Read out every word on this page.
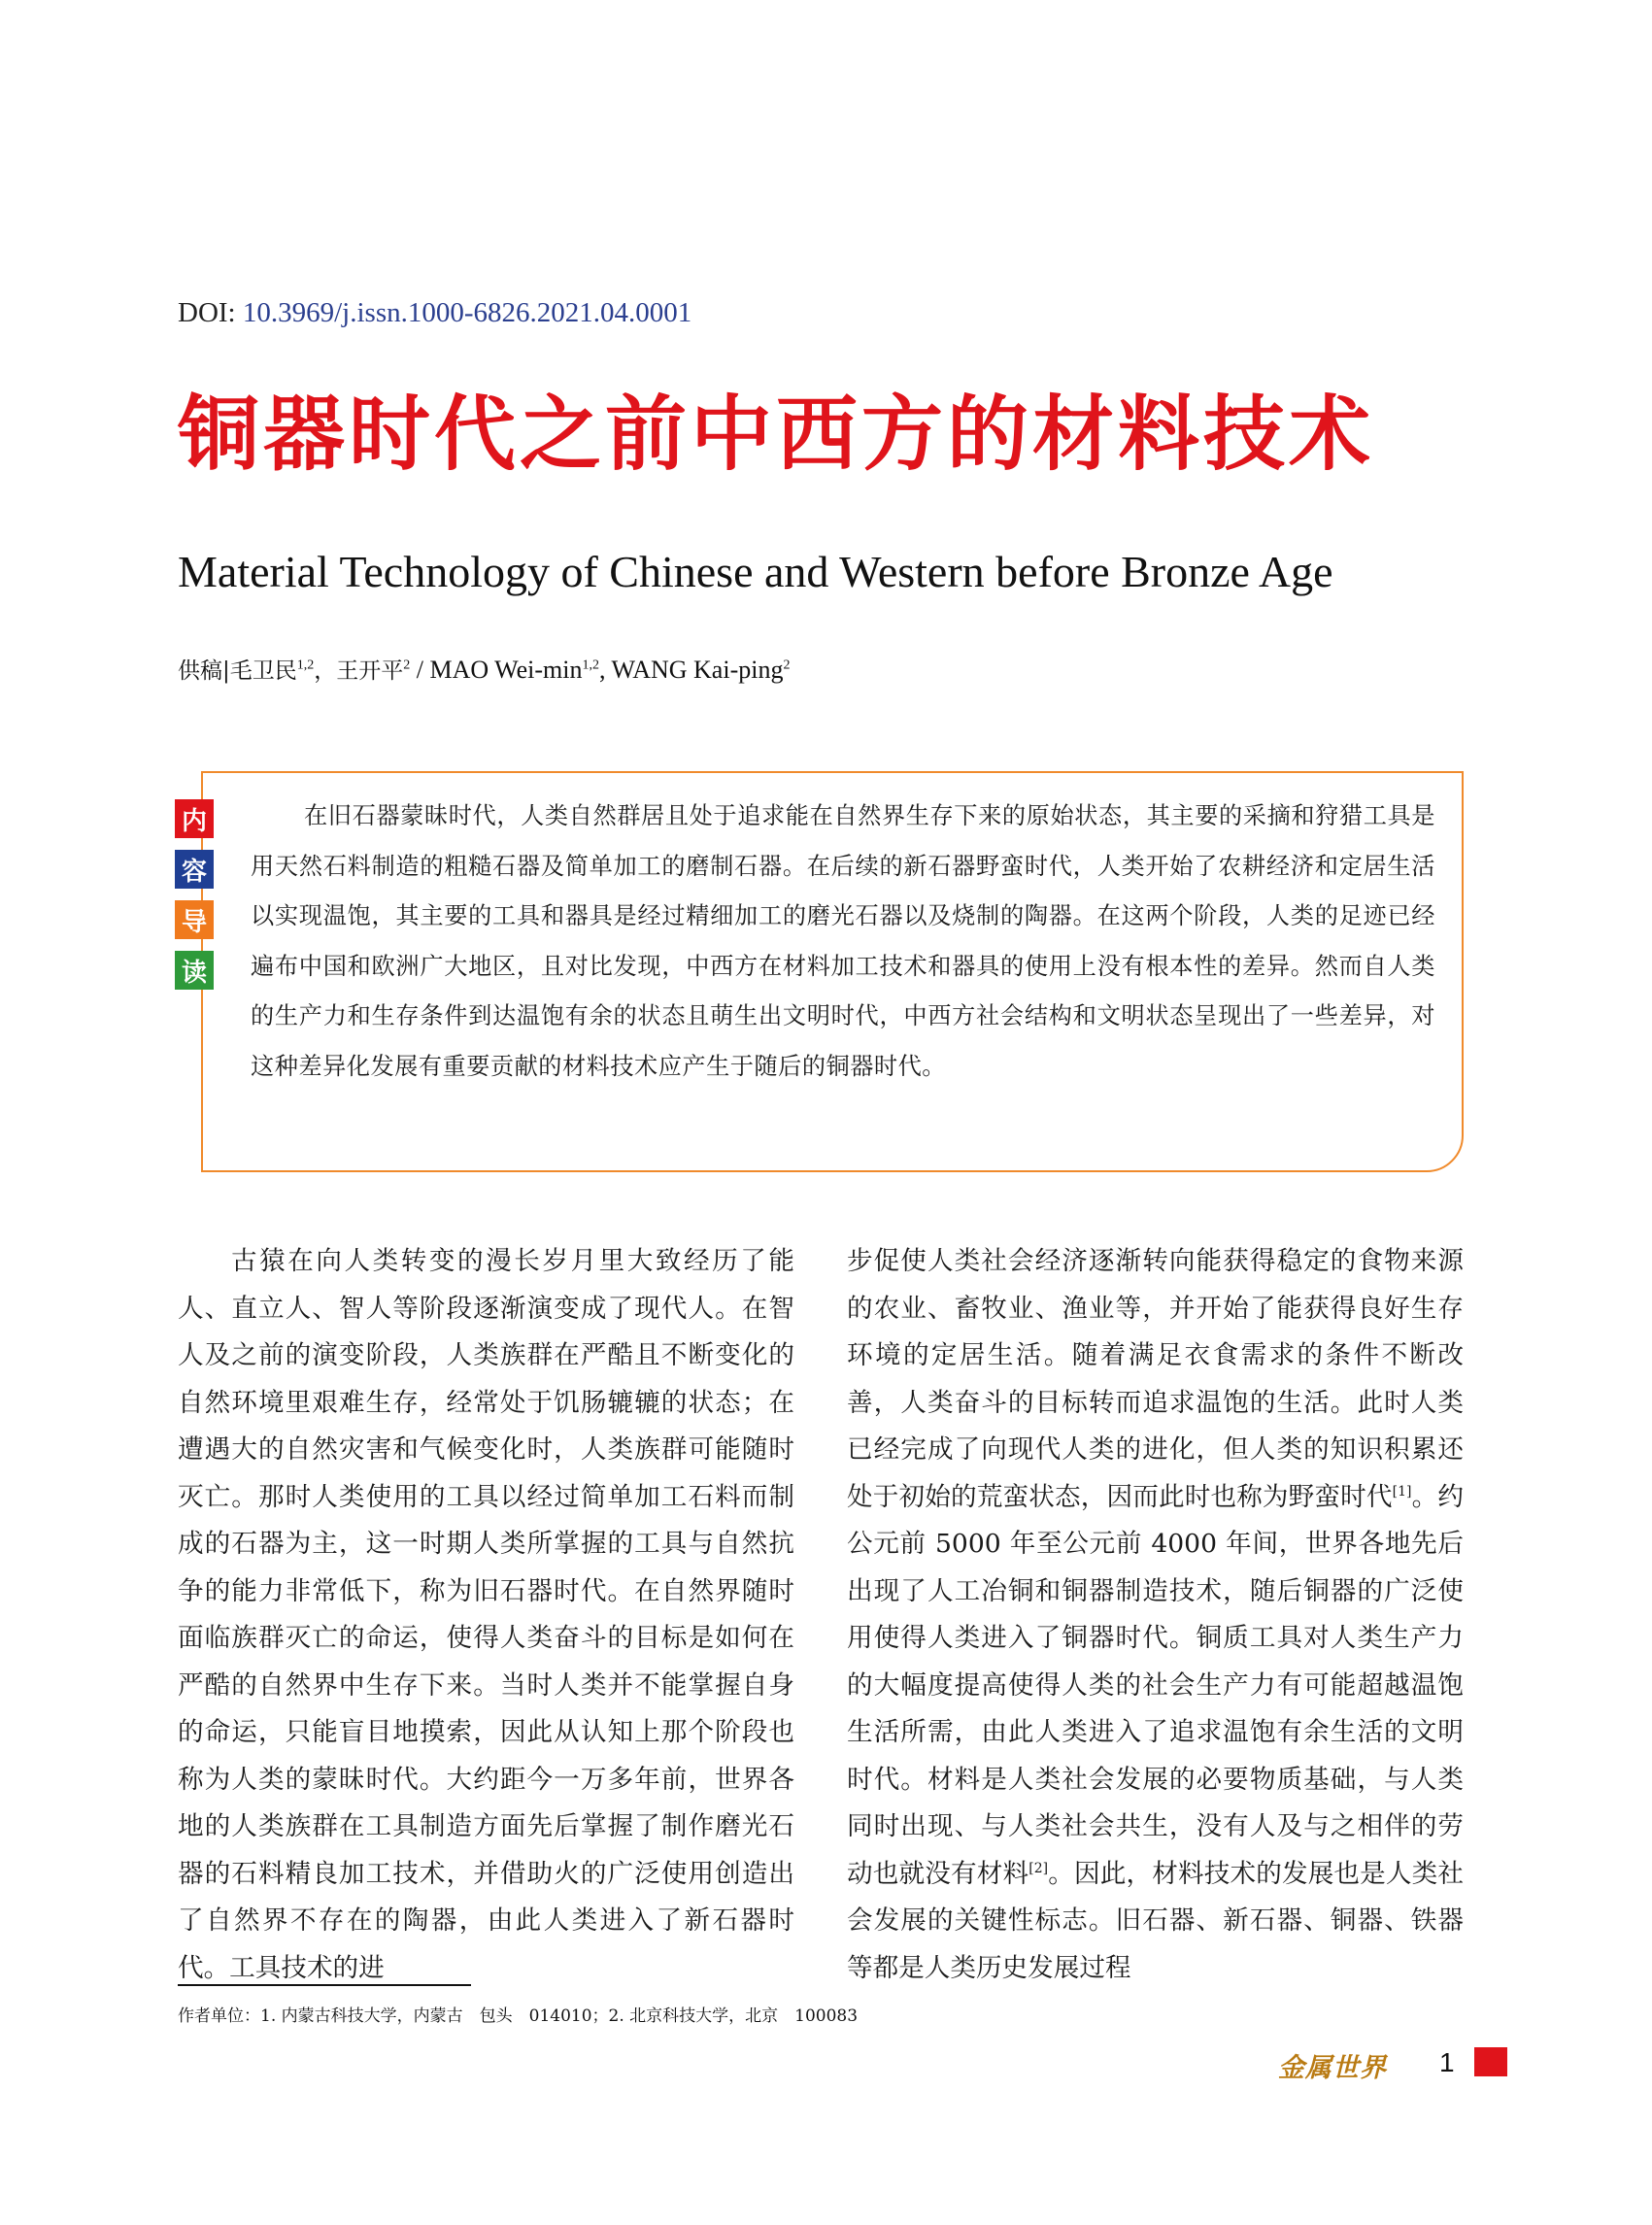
DOI: 10.3969/j.issn.1000-6826.2021.04.0001
铜器时代之前中西方的材料技术
Material Technology of Chinese and Western before Bronze Age
供稿|毛卫民$^{1,2}$，王开平$^2$ / MAO Wei-$\min^{1,2}$, WANG Kai-ping$^2$
内
容
导
读
在旧石器蒙昧时代，人类自然群居且处于追求能在自然界生存下来的原始状态，其主要的采摘和狩猎工具是用天然石料制造的粗糙石器及简单加工的磨制石器。在后续的新石器野蛮时代，人类开始了农耕经济和定居生活以实现温饱，其主要的工具和器具是经过精细加工的磨光石器以及烧制的陶器。在这两个阶段，人类的足迹已经遍布中国和欧洲广大地区，且对比发现，中西方在材料加工技术和器具的使用上没有根本性的差异。然而自人类的生产力和生存条件到达温饱有余的状态且萌生出文明时代，中西方社会结构和文明状态呈现出了一些差异，对这种差异化发展有重要贡献的材料技术应产生于随后的铜器时代。
古猿在向人类转变的漫长岁月里大致经历了能人、直立人、智人等阶段逐渐演变成了现代人。在智人及之前的演变阶段，人类族群在严酷且不断变化的自然环境里艰难生存，经常处于饥肠辘辘的状态；在遭遇大的自然灾害和气候变化时，人类族群可能随时灭亡。那时人类使用的工具以经过简单加工石料而制成的石器为主，这一时期人类所掌握的工具与自然抗争的能力非常低下，称为旧石器时代。在自然界随时面临族群灭亡的命运，使得人类奋斗的目标是如何在严酷的自然界中生存下来。当时人类并不能掌握自身的命运，只能盲目地摸索，因此从认知上那个阶段也称为人类的蒙昧时代。大约距今一万多年前，世界各地的人类族群在工具制造方面先后掌握了制作磨光石器的石料精良加工技术，并借助火的广泛使用创造出了自然界不存在的陶器，由此人类进入了新石器时代。工具技术的进
步促使人类社会经济逐渐转向能获得稳定的食物来源的农业、畜牧业、渔业等，并开始了能获得良好生存环境的定居生活。随着满足衣食需求的条件不断改善，人类奋斗的目标转而追求温饱的生活。此时人类已经完成了向现代人类的进化，但人类的知识积累还处于初始的荒蛮状态，因而此时也称为野蛮时代[1]。约公元前 5000 年至公元前 4000 年间，世界各地先后出现了人工冶铜和铜器制造技术，随后铜器的广泛使用使得人类进入了铜器时代。铜质工具对人类生产力的大幅度提高使得人类的社会生产力有可能超越温饱生活所需，由此人类进入了追求温饱有余生活的文明时代。材料是人类社会发展的必要物质基础，与人类同时出现、与人类社会共生，没有人及与之相伴的劳动也就没有材料[2]。因此，材料技术的发展也是人类社会发展的关键性标志。旧石器、新石器、铜器、铁器等都是人类历史发展过程
作者单位：1. 内蒙古科技大学，内蒙古　包头　014010；2. 北京科技大学，北京　100083
金属世界 1
